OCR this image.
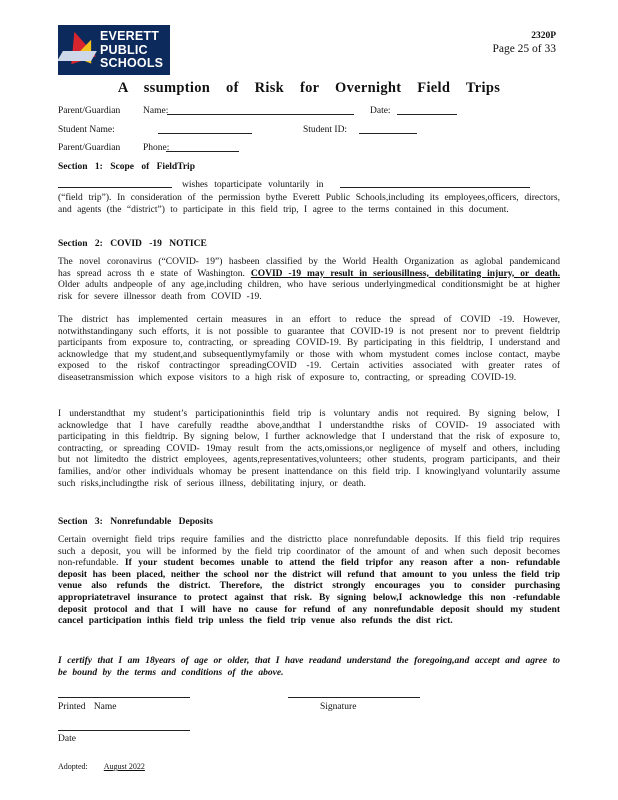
EVERETT
PUBLIC
SCHOOLS
2320P
Page 25 of 33
A ssumption of Risk for Overnight Field Trips
Parent/Guardian Name:	Date:
Student Name:	Student ID:
Parent/Guardian Phone:
Section 1: Scope of FieldTrip
wishes toparticipate voluntarily in
(“field trip”). In consideration of the permission bythe Everett Public Schools,including its employees,officers, directors, and agents (the “district”) to participate in this field trip, I agree to the terms contained in this document.
Section 2: COVID -19 NOTICE
The novel coronavirus (“COVID- 19”) hasbeen classified by the World Health Organization as aglobal pandemicand has spread across th e state of Washington. COVID -19 may result in seriousillness, debilitating injury, or death. Older adults andpeople of any age,including children, who have serious underlyingmedical conditionsmight be at higher risk for severe illnessor death from COVID -19.
The district has implemented certain measures in an effort to reduce the spread of COVID -19. However, notwithstandingany such efforts, it is not possible to guarantee that COVID-19 is not present nor to prevent fieldtrip participants from exposure to, contracting, or spreading COVID-19. By participating in this fieldtrip, I understand and acknowledge that my student,and subsequentlymyfamily or those with whom mystudent comes inclose contact, maybe exposed to the riskof contractingor spreadingCOVID -19. Certain activities associated with greater rates of diseasetransmission which expose visitors to a high risk of exposure to, contracting, or spreading COVID-19.
I understandthat my student’s participationinthis field trip is voluntary andis not required. By signing below, I acknowledge that I have carefully readthe above,andthat I understandthe risks of COVID- 19 associated with participating in this fieldtrip. By signing below, I further acknowledge that I understand that the risk of exposure to, contracting, or spreading COVID- 19may result from the acts,omissions,or negligence of myself and others, including but not limitedto the district employees, agents,representatives,volunteers; other students, program participants, and their families, and/or other individuals whomay be present inattendance on this field trip. I knowinglyand voluntarily assume such risks,includingthe risk of serious illness, debilitating injury, or death.
Section 3: Nonrefundable Deposits
Certain overnight field trips require families and the districtto place nonrefundable deposits. If this field trip requires such a deposit, you will be informed by the field trip coordinator of the amount of and when such deposit becomes non-refundable. If your student becomes unable to attend the field tripfor any reason after a non- refundable deposit has been placed, neither the school nor the district will refund that amount to you unless the field trip venue also refunds the district. Therefore, the district strongly encourages you to consider purchasing appropriatetravel insurance to protect against that risk. By signing below,I acknowledge this non -refundable deposit protocol and that I will have no cause for refund of any nonrefundable deposit should my student cancel participation inthis field trip unless the field trip venue also refunds the dist rict.
I certify that I am 18years of age or older, that I have readand understand the foregoing,and accept and agree to be bound by the terms and conditions of the above.
Printed Name	Signature
Date
Adopted: August 2022
